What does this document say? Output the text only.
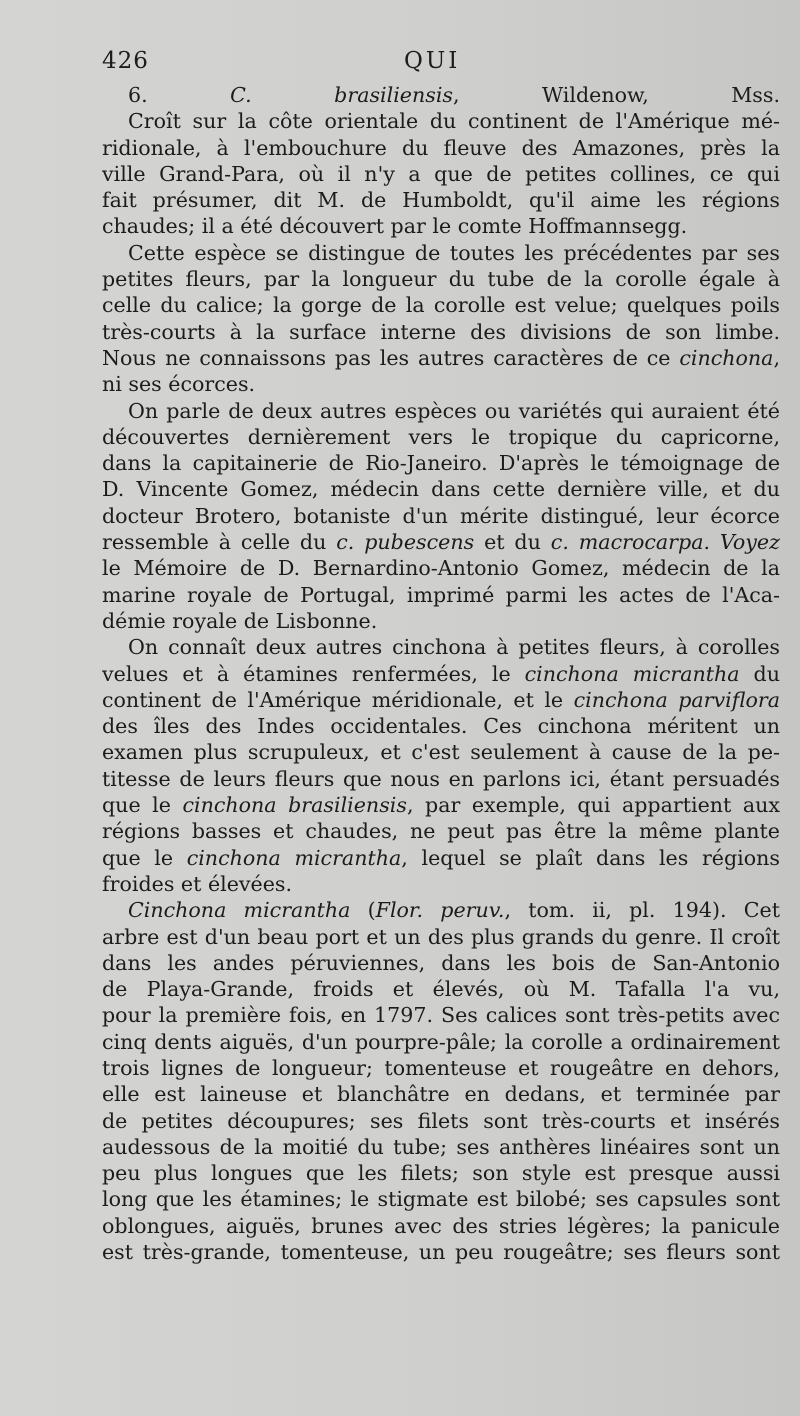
426	QUI
6. C. brasiliensis, Wildenow, Mss.
Croît sur la côte orientale du continent de l'Amérique mé-
ridionale, à l'embouchure du fleuve des Amazones, près la
ville Grand-Para, où il n'y a que de petites collines, ce qui
fait présumer, dit M. de Humboldt, qu'il aime les régions
chaudes; il a été découvert par le comte Hoffmannsegg.
Cette espèce se distingue de toutes les précédentes par ses
petites fleurs, par la longueur du tube de la corolle égale à
celle du calice; la gorge de la corolle est velue; quelques poils
très-courts à la surface interne des divisions de son limbe.
Nous ne connaissons pas les autres caractères de ce cinchona,
ni ses écorces.
On parle de deux autres espèces ou variétés qui auraient été
découvertes dernièrement vers le tropique du capricorne,
dans la capitainerie de Rio-Janeiro. D'après le témoignage de
D. Vincente Gomez, médecin dans cette dernière ville, et du
docteur Brotero, botaniste d'un mérite distingué, leur écorce
ressemble à celle du c. pubescens et du c. macrocarpa. Voyez
le Mémoire de D. Bernardino-Antonio Gomez, médecin de la
marine royale de Portugal, imprimé parmi les actes de l'Aca-
démie royale de Lisbonne.
On connaît deux autres cinchona à petites fleurs, à corolles
velues et à étamines renfermées, le cinchona micrantha du
continent de l'Amérique méridionale, et le cinchona parviflora
des îles des Indes occidentales. Ces cinchona méritent un
examen plus scrupuleux, et c'est seulement à cause de la pe-
titesse de leurs fleurs que nous en parlons ici, étant persuadés
que le cinchona brasiliensis, par exemple, qui appartient aux
régions basses et chaudes, ne peut pas être la même plante
que le cinchona micrantha, lequel se plaît dans les régions
froides et élevées.
Cinchona micrantha (Flor. peruv., tom. ii, pl. 194). Cet
arbre est d'un beau port et un des plus grands du genre. Il croît
dans les andes péruviennes, dans les bois de San-Antonio
de Playa-Grande, froids et élevés, où M. Tafalla l'a vu,
pour la première fois, en 1797. Ses calices sont très-petits avec
cinq dents aiguës, d'un pourpre-pâle; la corolle a ordinairement
trois lignes de longueur; tomenteuse et rougeâtre en dehors,
elle est laineuse et blanchâtre en dedans, et terminée par
de petites découpures; ses filets sont très-courts et insérés
audessous de la moitié du tube; ses anthères linéaires sont un
peu plus longues que les filets; son style est presque aussi
long que les étamines; le stigmate est bilobé; ses capsules sont
oblongues, aiguës, brunes avec des stries légères; la panicule
est très-grande, tomenteuse, un peu rougeâtre; ses fleurs sont
